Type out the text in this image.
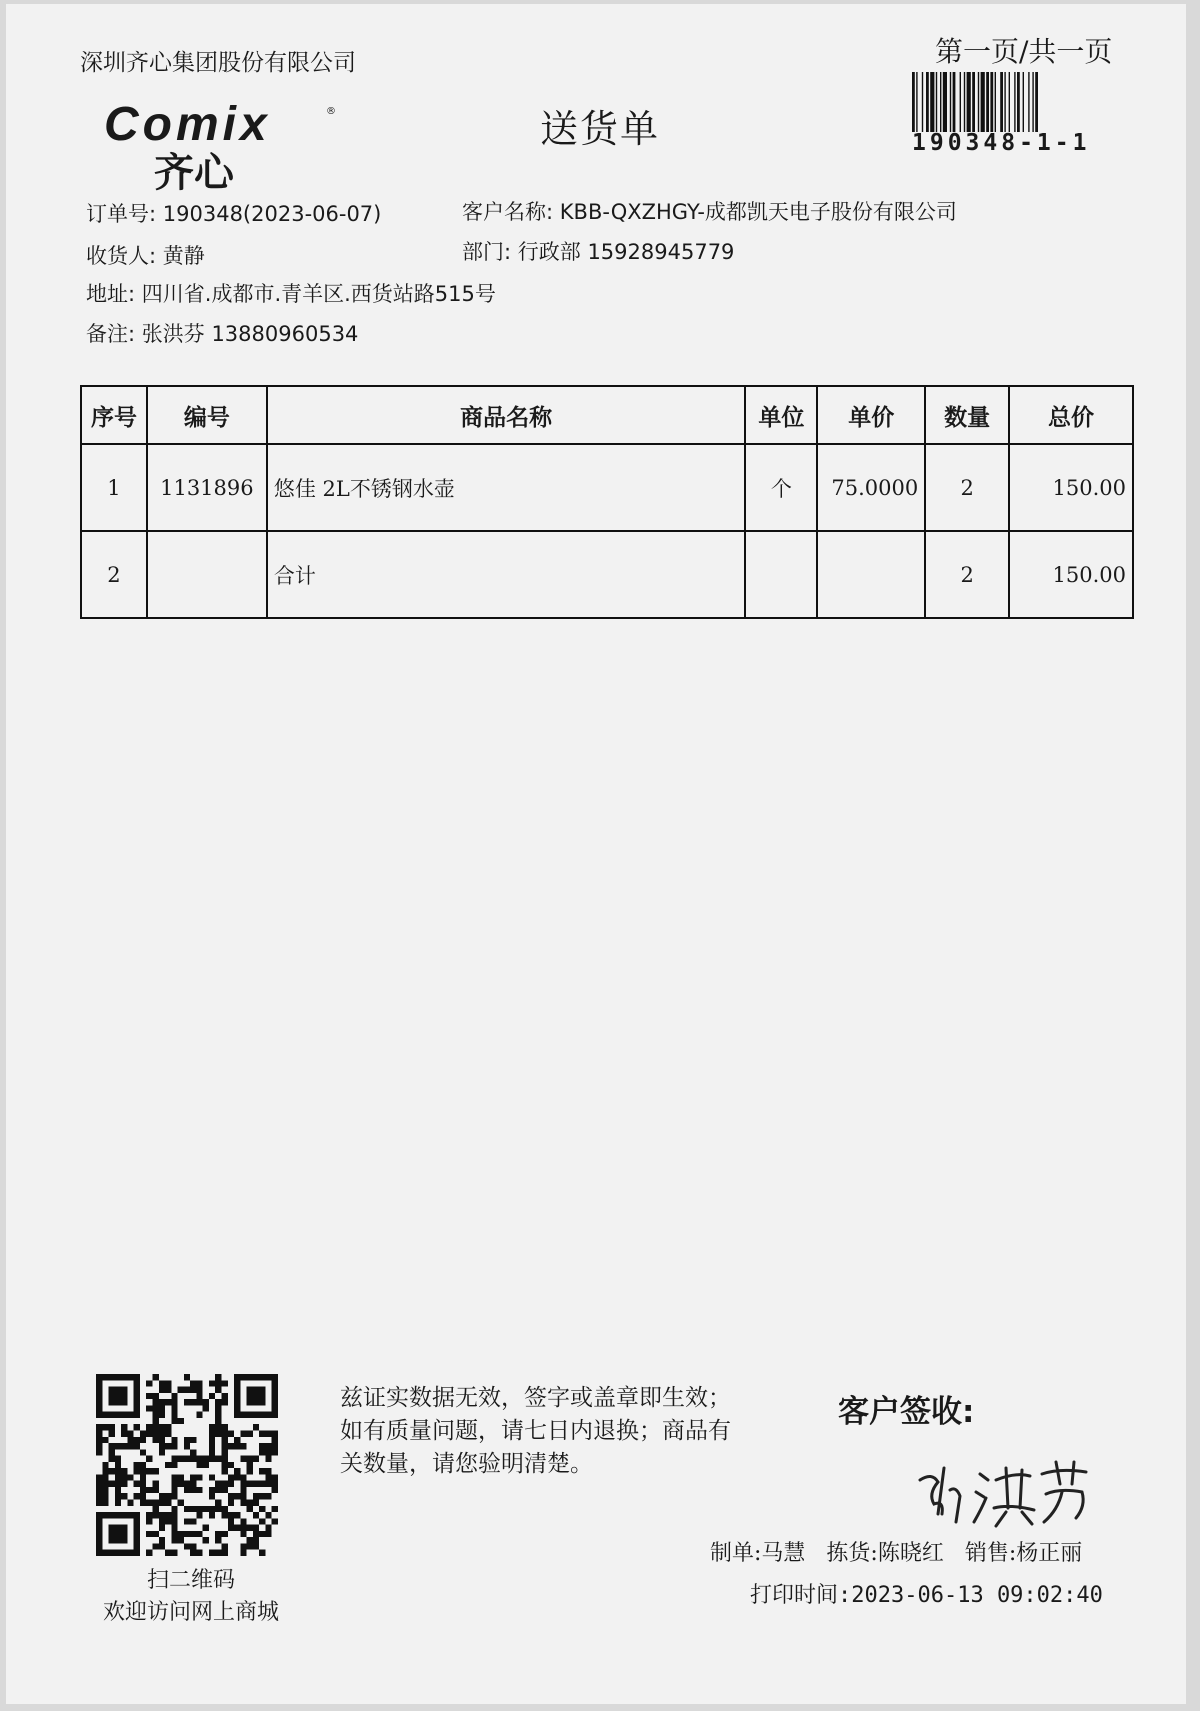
深圳齐心集团股份有限公司
送货单
第一页/共一页
190348-1-1
Comix	®
齐心
订单号: 190348(2023-06-07)	客户名称: KBB-QXZHGY-成都凯天电子股份有限公司
收货人: 黄静	部门: 行政部 15928945779
地址: 四川省.成都市.青羊区.西货站路515号
备注: 张洪芬 13880960534
序号	编号	商品名称	单位	单价	数量	总价
1	1131896	悠佳 2L不锈钢水壶	个	75.0000	2	150.00
2		合计			2	150.00
扫二维码
欢迎访问网上商城
兹证实数据无效，签字或盖章即生效；如有质量问题，请七日内退换；商品有关数量，请您验明清楚。
客户签收:
制单:马慧 拣货:陈晓红 销售:杨正丽
打印时间:2023-06-13 09:02:40
